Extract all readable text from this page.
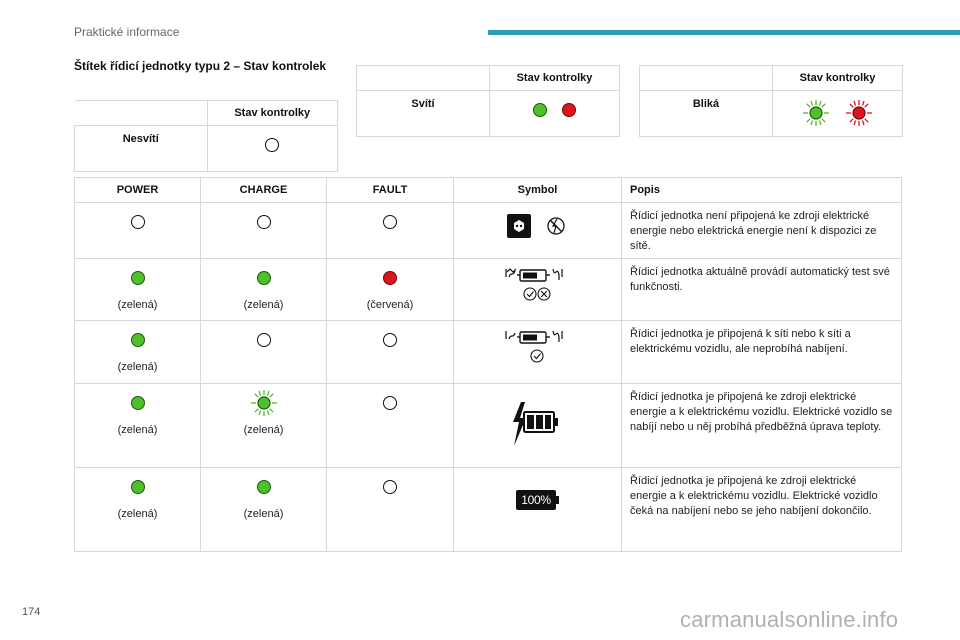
Praktické informace
Štítek řídicí jednotky typu 2 – Stav kontrolek
	Stav kontrolky
Nesvítí	
	Stav kontrolky
Svítí	
	Stav kontrolky
Bliká	
POWER	CHARGE	FAULT	Symbol	Popis
				Řídicí jednotka není připojená ke zdroji elektrické energie nebo elektrická energie není k dispozici ze sítě.

(zelená)	(zelená)	(červená)		Řídicí jednotka aktuálně provádí automatický test své funkčnosti.

(zelená)				Řídicí jednotka je připojená k síti nebo k síti a elektrickému vozidlu, ale neprobíhá nabíjení.

(zelená)	(zelená)			Řídicí jednotka je připojená ke zdroji elektrické energie a k elektrickému vozidlu. Elektrické vozidlo se nabíjí nebo u něj probíhá předběžná úprava teploty.

(zelená)	(zelená)		100%	Řídicí jednotka je připojená ke zdroji elektrické energie a k elektrickému vozidlu. Elektrické vozidlo čeká na nabíjení nebo se jeho nabíjení dokončilo.
174	carmanualsonline.info
